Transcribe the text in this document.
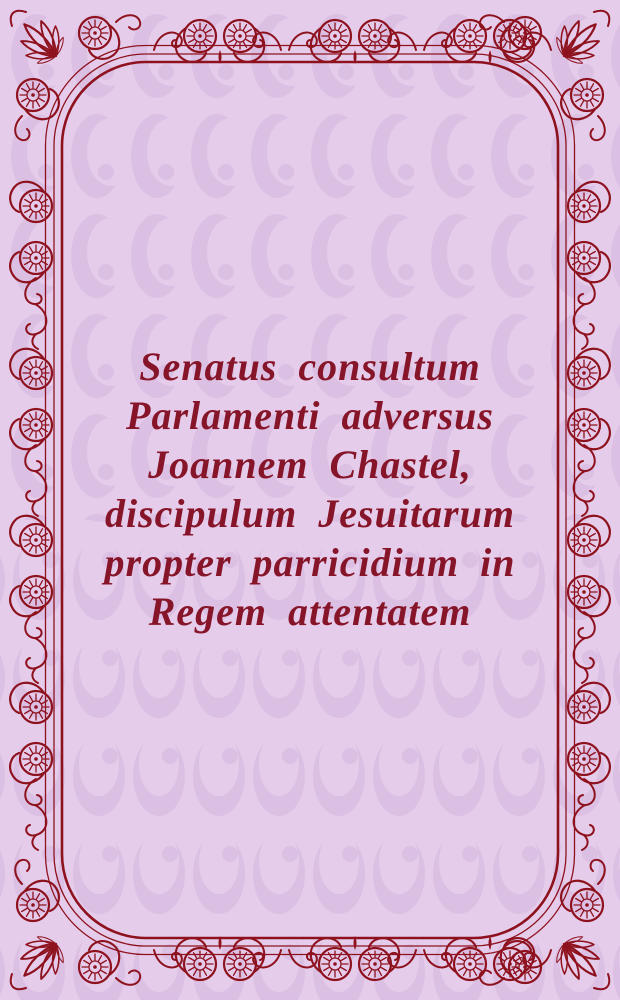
Senatus consultum
Parlamenti adversus
Joannem Chastel,
discipulum Jesuitarum
propter parricidium in
Regem attentatem
